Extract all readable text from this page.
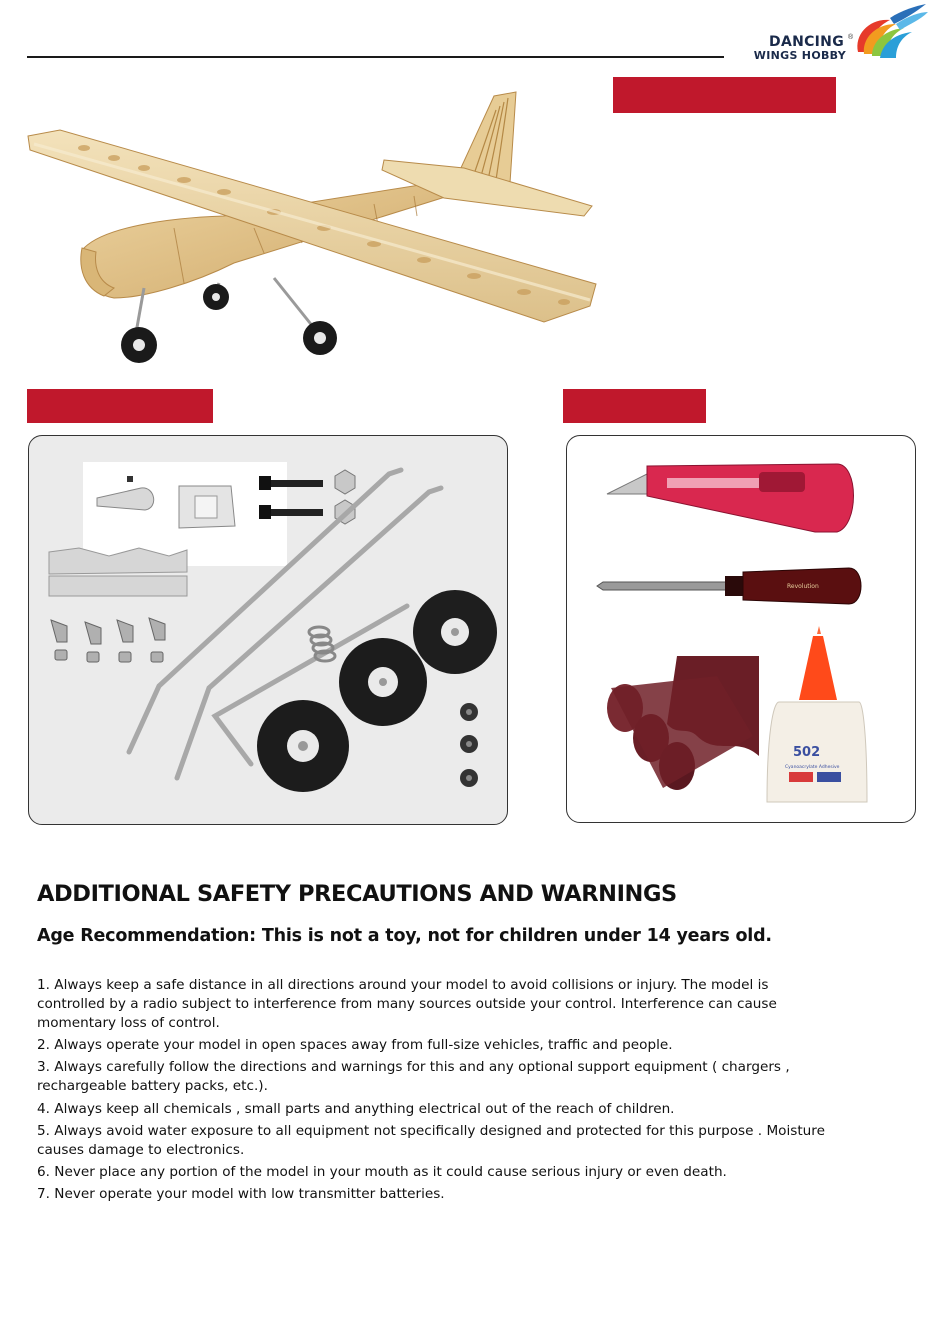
DANCING
WINGS HOBBY
®
Revolution
502
Cyanoacrylate Adhesive
ADDITIONAL SAFETY PRECAUTIONS AND WARNINGS
Age Recommendation: This is not a toy, not for children under 14 years old.
1. Always keep a safe distance in all directions around your model to avoid collisions or injury. The model is controlled by a radio subject to interference from many sources outside your control. Interference can cause momentary loss of control.
2. Always operate your model in open spaces away from full-size vehicles, traffic and people.
3. Always carefully follow the directions and warnings for this and any optional support equipment ( chargers , rechargeable battery packs, etc.).
4. Always keep all chemicals , small parts and anything electrical out of the reach of children.
5. Always avoid water exposure to all equipment not specifically designed and protected for this purpose . Moisture causes damage to electronics.
6. Never place any portion of the model in your mouth as it could cause serious injury or even death.
7. Never operate your model with low transmitter batteries.
